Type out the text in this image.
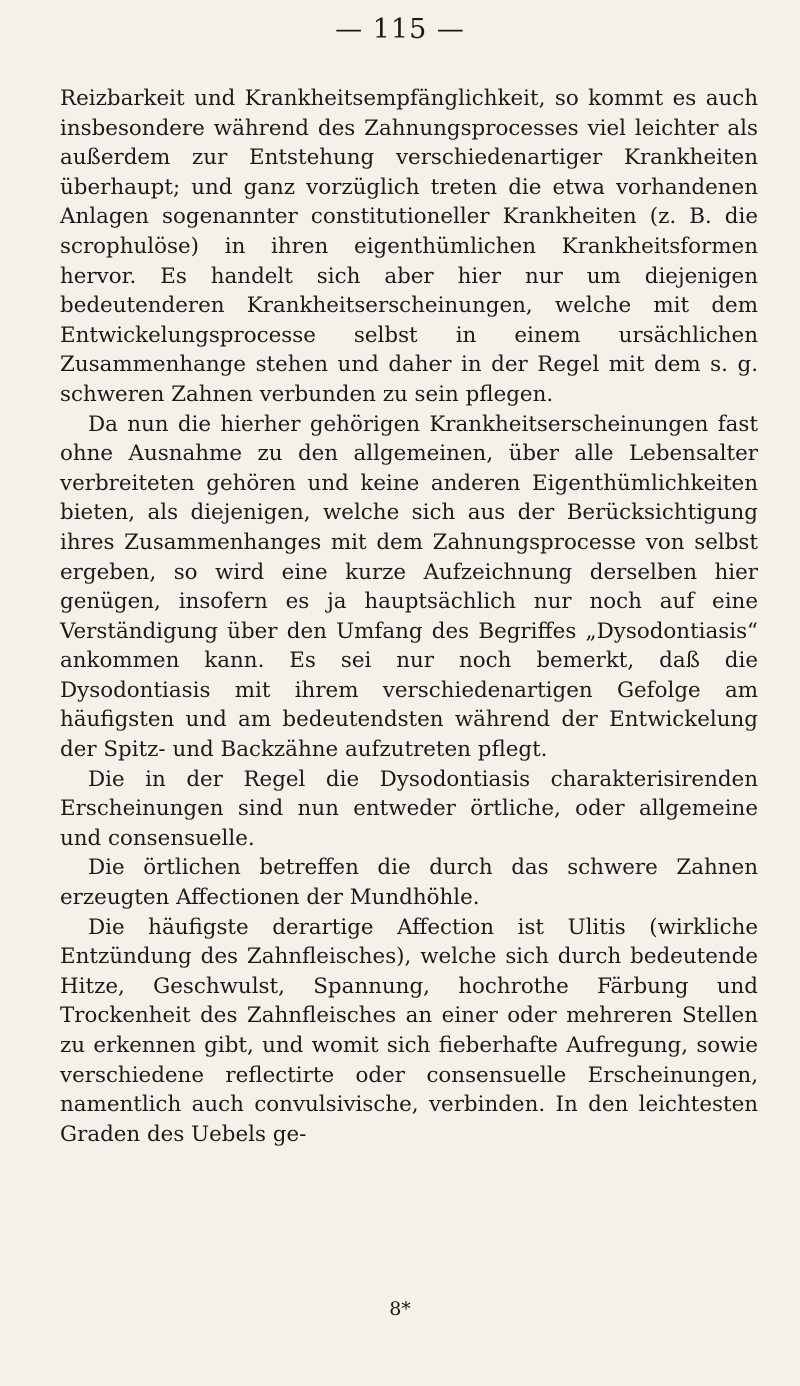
— 115 —

Reizbarkeit und Krankheitsempfänglichkeit, so kommt es auch insbesondere während des Zahnungsprocesses viel leichter als außerdem zur Entstehung verschiedenartiger Krankheiten überhaupt; und ganz vorzüglich treten die etwa vorhandenen Anlagen sogenannter constitutioneller Krankheiten (z. B. die scrophulöse) in ihren eigenthümlichen Krankheitsformen hervor. Es handelt sich aber hier nur um diejenigen bedeutenderen Krankheitserscheinungen, welche mit dem Entwickelungsprocesse selbst in einem ursächlichen Zusammenhange stehen und daher in der Regel mit dem s. g. schweren Zahnen verbunden zu sein pflegen.

Da nun die hierher gehörigen Krankheitserscheinungen fast ohne Ausnahme zu den allgemeinen, über alle Lebensalter verbreiteten gehören und keine anderen Eigenthümlichkeiten bieten, als diejenigen, welche sich aus der Berücksichtigung ihres Zusammenhanges mit dem Zahnungsprocesse von selbst ergeben, so wird eine kurze Aufzeichnung derselben hier genügen, insofern es ja hauptsächlich nur noch auf eine Verständigung über den Umfang des Begriffes „Dysodontiasis“ ankommen kann. Es sei nur noch bemerkt, daß die Dysodontiasis mit ihrem verschiedenartigen Gefolge am häufigsten und am bedeutendsten während der Entwickelung der Spitz- und Backzähne aufzutreten pflegt.

Die in der Regel die Dysodontiasis charakterisirenden Erscheinungen sind nun entweder örtliche, oder allgemeine und consensuelle.

Die örtlichen betreffen die durch das schwere Zahnen erzeugten Affectionen der Mundhöhle.

Die häufigste derartige Affection ist Ulitis (wirkliche Entzündung des Zahnfleisches), welche sich durch bedeutende Hitze, Geschwulst, Spannung, hochrothe Färbung und Trockenheit des Zahnfleisches an einer oder mehreren Stellen zu erkennen gibt, und womit sich fieberhafte Aufregung, sowie verschiedene reflectirte oder consensuelle Erscheinungen, namentlich auch convulsivische, verbinden. In den leichtesten Graden des Uebels ge-

8*
